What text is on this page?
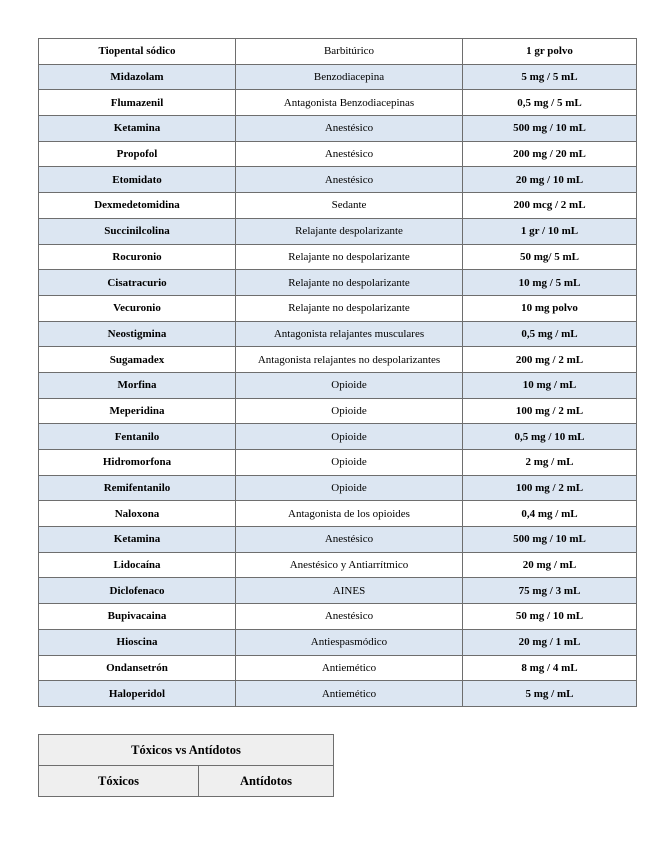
Tiopental sódico	Barbitúrico	1 gr polvo
Midazolam	Benzodiacepina	5 mg / 5 mL
Flumazenil	Antagonista Benzodiacepinas	0,5 mg / 5 mL
Ketamina	Anestésico	500 mg / 10 mL
Propofol	Anestésico	200 mg / 20 mL
Etomidato	Anestésico	20 mg / 10 mL
Dexmedetomidina	Sedante	200 mcg / 2 mL
Succinilcolina	Relajante despolarizante	1 gr / 10 mL
Rocuronio	Relajante no despolarizante	50 mg/ 5 mL
Cisatracurio	Relajante no despolarizante	10 mg / 5 mL
Vecuronio	Relajante no despolarizante	10 mg polvo
Neostigmina	Antagonista relajantes musculares	0,5 mg / mL
Sugamadex	Antagonista relajantes no despolarizantes	200 mg / 2 mL
Morfina	Opioide	10 mg / mL
Meperidina	Opioide	100 mg / 2 mL
Fentanilo	Opioide	0,5 mg / 10 mL
Hidromorfona	Opioide	2 mg / mL
Remifentanilo	Opioide	100 mg / 2 mL
Naloxona	Antagonista de los opioides	0,4 mg / mL
Ketamina	Anestésico	500 mg / 10 mL
Lidocaína	Anestésico y Antiarrítmico	20 mg / mL
Diclofenaco	AINES	75 mg / 3 mL
Bupivacaina	Anestésico	50 mg / 10 mL
Hioscina	Antiespasmódico	20 mg / 1 mL
Ondansetrón	Antiemético	8 mg / 4 mL
Haloperidol	Antiemético	5 mg / mL
Tóxicos vs Antídotos
Tóxicos	Antídotos
